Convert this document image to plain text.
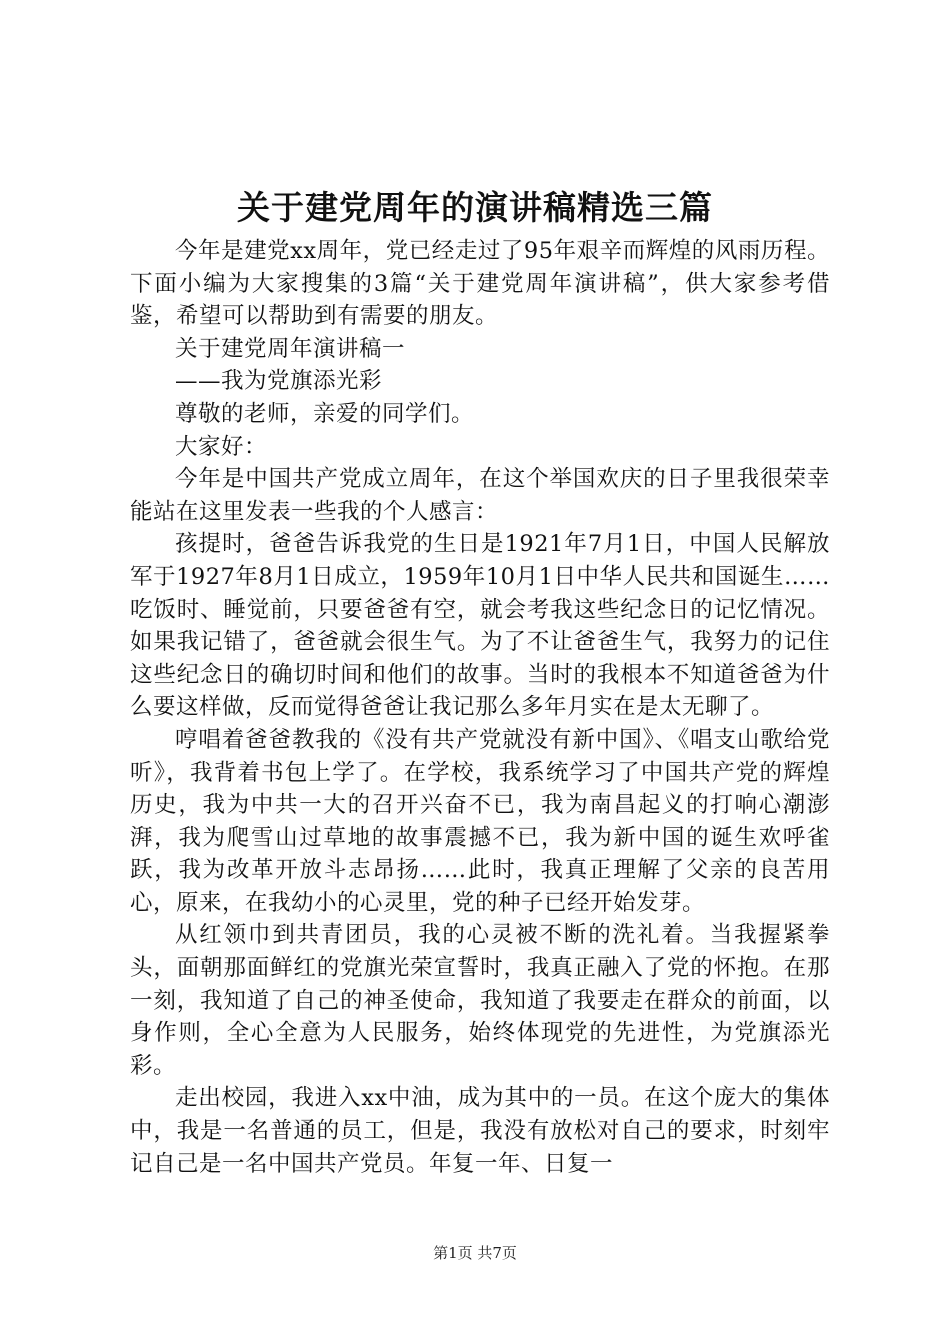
关于建党周年的演讲稿精选三篇

今年是建党xx周年，党已经走过了95年艰辛而辉煌的风雨历程。下面小编为大家搜集的3篇“关于建党周年演讲稿”，供大家参考借鉴，希望可以帮助到有需要的朋友。

关于建党周年演讲稿一

——我为党旗添光彩

尊敬的老师，亲爱的同学们。

大家好：

今年是中国共产党成立周年，在这个举国欢庆的日子里我很荣幸能站在这里发表一些我的个人感言：

孩提时，爸爸告诉我党的生日是1921年7月1日，中国人民解放军于1927年8月1日成立，1959年10月1日中华人民共和国诞生……吃饭时、睡觉前，只要爸爸有空，就会考我这些纪念日的记忆情况。如果我记错了，爸爸就会很生气。为了不让爸爸生气，我努力的记住这些纪念日的确切时间和他们的故事。当时的我根本不知道爸爸为什么要这样做，反而觉得爸爸让我记那么多年月实在是太无聊了。

哼唱着爸爸教我的《没有共产党就没有新中国》、《唱支山歌给党听》，我背着书包上学了。在学校，我系统学习了中国共产党的辉煌历史，我为中共一大的召开兴奋不已，我为南昌起义的打响心潮澎湃，我为爬雪山过草地的故事震撼不已，我为新中国的诞生欢呼雀跃，我为改革开放斗志昂扬……此时，我真正理解了父亲的良苦用心，原来，在我幼小的心灵里，党的种子已经开始发芽。

从红领巾到共青团员，我的心灵被不断的洗礼着。当我握紧拳头，面朝那面鲜红的党旗光荣宣誓时，我真正融入了党的怀抱。在那一刻，我知道了自己的神圣使命，我知道了我要走在群众的前面，以身作则，全心全意为人民服务，始终体现党的先进性，为党旗添光彩。

走出校园，我进入xx中油，成为其中的一员。在这个庞大的集体中，我是一名普通的员工，但是，我没有放松对自己的要求，时刻牢记自己是一名中国共产党员。年复一年、日复一

第1页 共7页
